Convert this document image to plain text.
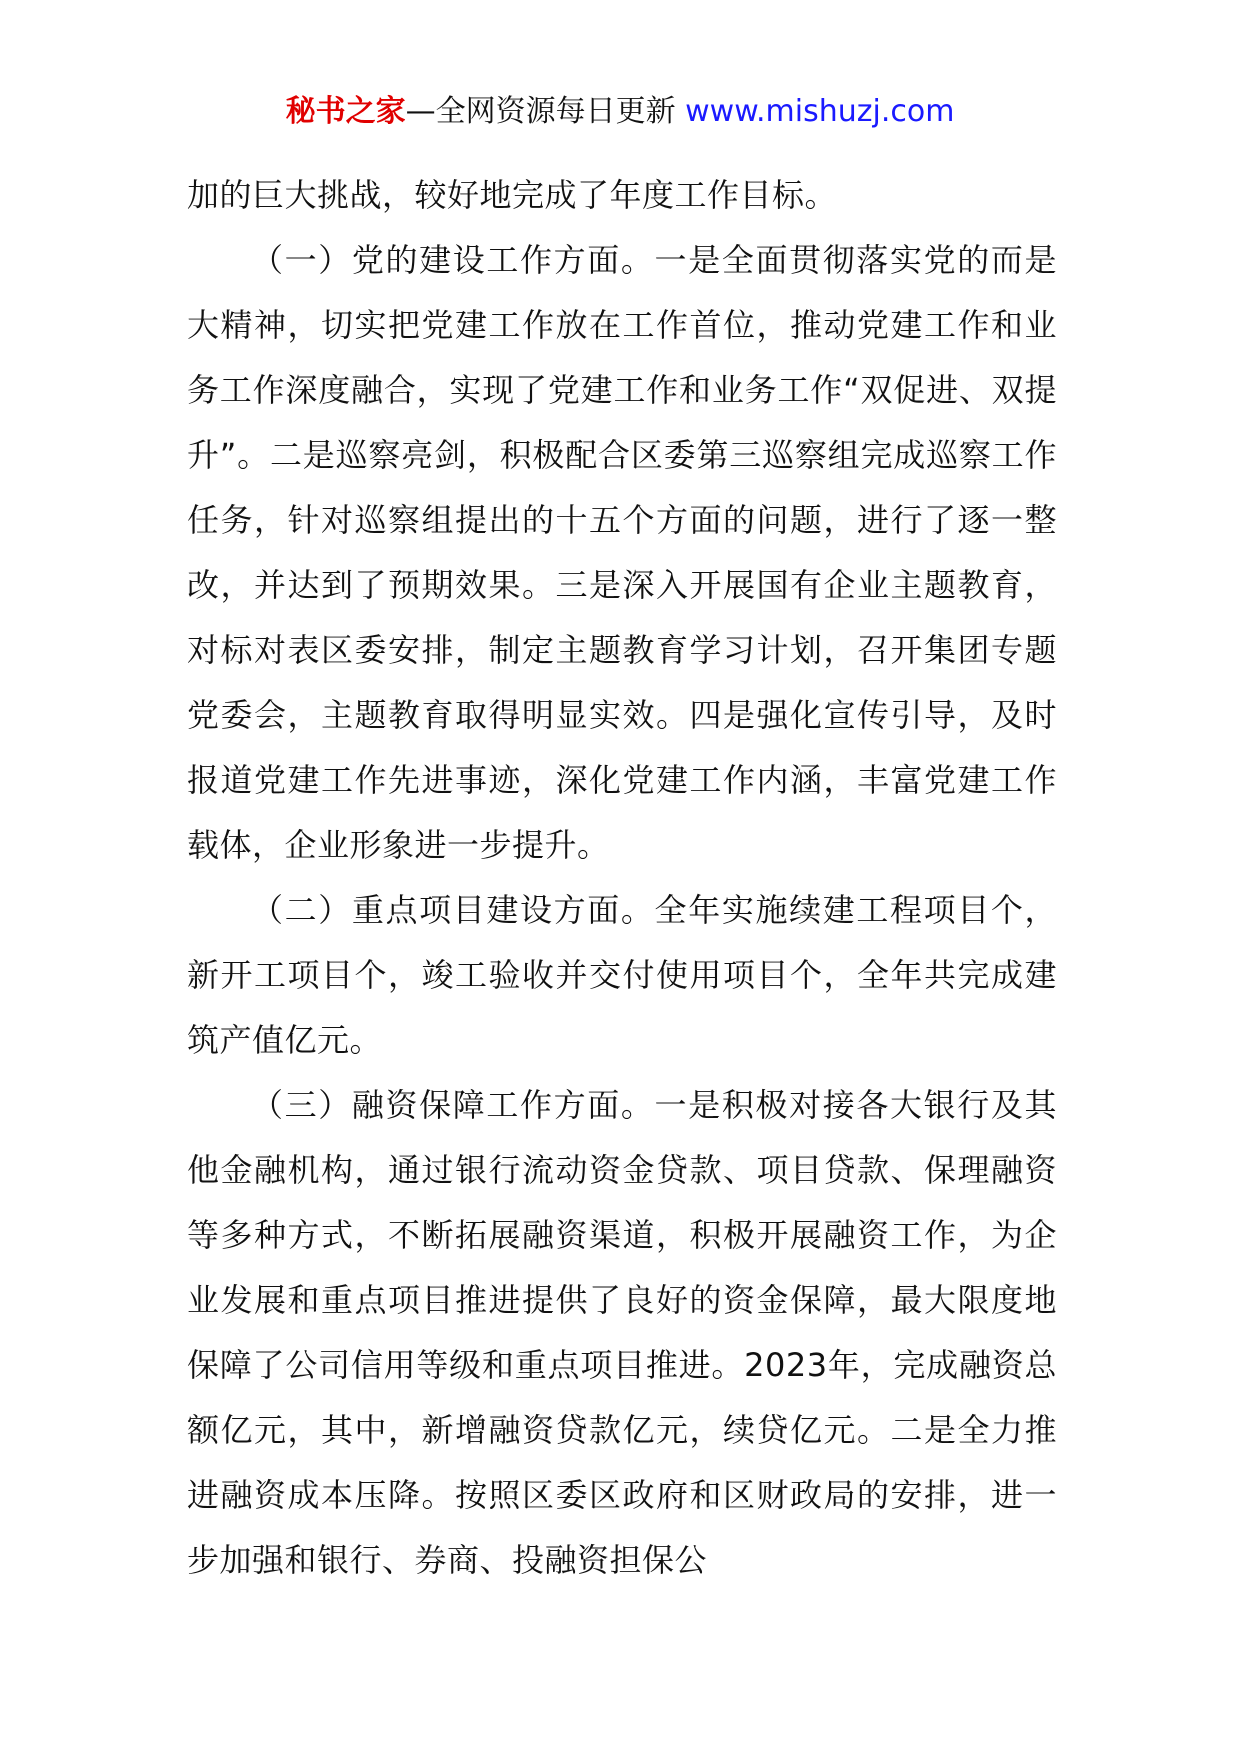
秘书之家—全网资源每日更新 www.mishuzj.com

加的巨大挑战，较好地完成了年度工作目标。

（一）党的建设工作方面。一是全面贯彻落实党的而是大精神，切实把党建工作放在工作首位，推动党建工作和业务工作深度融合，实现了党建工作和业务工作“双促进、双提升”。二是巡察亮剑，积极配合区委第三巡察组完成巡察工作任务，针对巡察组提出的十五个方面的问题，进行了逐一整改，并达到了预期效果。三是深入开展国有企业主题教育，对标对表区委安排，制定主题教育学习计划，召开集团专题党委会，主题教育取得明显实效。四是强化宣传引导，及时报道党建工作先进事迹，深化党建工作内涵，丰富党建工作载体，企业形象进一步提升。

（二）重点项目建设方面。全年实施续建工程项目个，新开工项目个，竣工验收并交付使用项目个，全年共完成建筑产值亿元。

（三）融资保障工作方面。一是积极对接各大银行及其他金融机构，通过银行流动资金贷款、项目贷款、保理融资等多种方式，不断拓展融资渠道，积极开展融资工作，为企业发展和重点项目推进提供了良好的资金保障，最大限度地保障了公司信用等级和重点项目推进。2023年，完成融资总额亿元，其中，新增融资贷款亿元，续贷亿元。二是全力推进融资成本压降。按照区委区政府和区财政局的安排，进一步加强和银行、券商、投融资担保公
